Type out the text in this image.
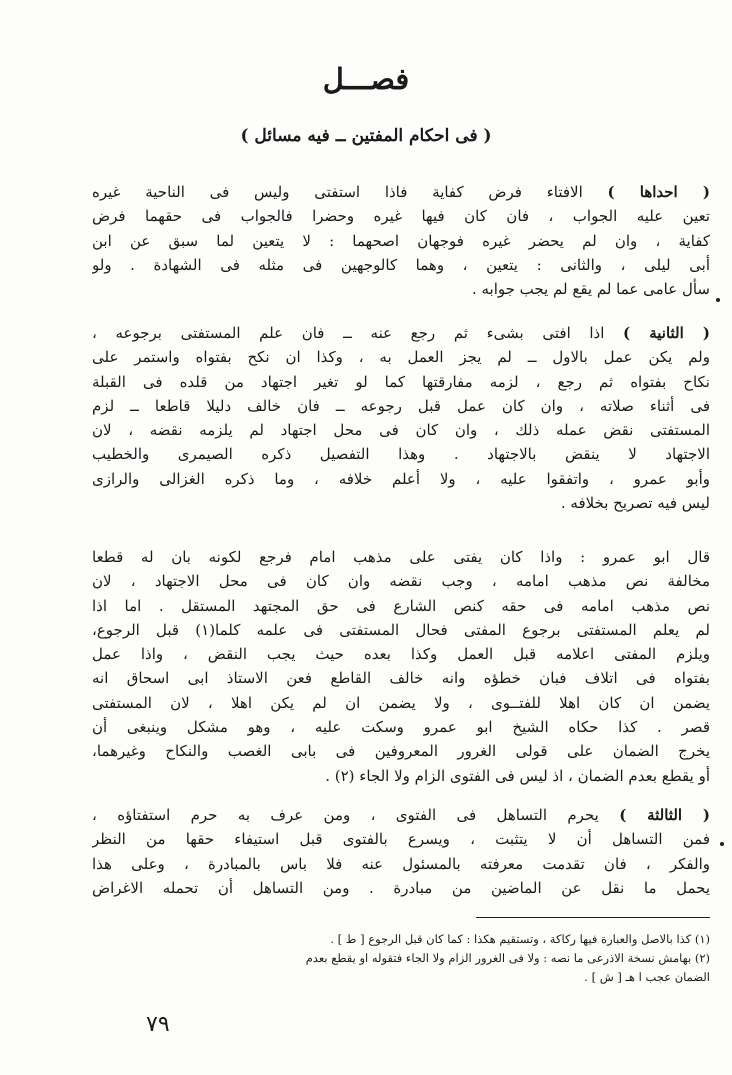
فصـــل
( فى احكام المفتين ــ فيه مسائل )
( احداها ) الافتاء فرض كفاية فاذا استفتى وليس فى الناحية غيره
تعين عليه الجواب ، فان كان فيها غيره وحضرا فالجواب فى حقهما فرض
كفاية ، وان لم يحضر غيره فوجهان اصحهما : لا يتعين لما سبق عن ابن
أبى ليلى ، والثانى : يتعين ، وهما كالوجهين فى مثله فى الشهادة . ولو
سأل عامى عما لم يقع لم يجب جوابه .
( الثانية ) اذا افتى بشىء ثم رجع عنه ــ فان علم المستفتى برجوعه ،
ولم يكن عمل بالاول ــ لم يجز العمل به ، وكذا ان نكح بفتواه واستمر على
نكاح بفتواه ثم رجع ، لزمه مفارقتها كما لو تغير اجتهاد من قلده فى القبلة
فى أثناء صلاته ، وان كان عمل قبل رجوعه ــ فان خالف دليلا قاطعا ــ لزم
المستفتى نقض عمله ذلك ، وان كان فى محل اجتهاد لم يلزمه نقضه ، لان
الاجتهاد لا ينقض بالاجتهاد . وهذا التفصيل ذكره الصيمرى والخطيب
وأبو عمرو ، واتفقوا عليه ، ولا أعلم خلافه ، وما ذكره الغزالى والرازى
ليس فيه تصريح بخلافه .
قال ابو عمرو : واذا كان يفتى على مذهب امام فرجع لكونه بان له قطعا
مخالفة نص مذهب امامه ، وجب نقضه وان كان فى محل الاجتهاد ، لان
نص مذهب امامه فى حقه كنص الشارع فى حق المجتهد المستقل . اما اذا
لم يعلم المستفتى برجوع المفتى فحال المستفتى فى علمه كلما(١) قبل الرجوع،
ويلزم المفتى اعلامه قبل العمل وكذا بعده حيث يجب النقض ، واذا عمل
بفتواه فى اتلاف فبان خطؤه وانه خالف القاطع فعن الاستاذ ابى اسحاق انه
يضمن ان كان اهلا للفتــوى ، ولا يضمن ان لم يكن اهلا ، لان المستفتى
قصر . كذا حكاه الشيخ ابو عمرو وسكت عليه ، وهو مشكل وينبغى أن
يخرج الضمان على قولى الغرور المعروفين فى بابى الغصب والنكاح وغيرهما،
أو يقطع بعدم الضمان ، اذ ليس فى الفتوى الزام ولا الجاء (٢) .
( الثالثة ) يحرم التساهل فى الفتوى ، ومن عرف به حرم استفتاؤه ،
فمن التساهل أن لا يتثبت ، ويسرع بالفتوى قبل استيفاء حقها من النظر
والفكر ، فان تقدمت معرفته بالمسئول عنه فلا باس بالمبادرة ، وعلى هذا
يحمل ما نقل عن الماضين من مبادرة . ومن التساهل أن تحمله الاغراض
(١) كذا بالاصل والعبارة فيها ركاكة ، وتستقيم هكذا : كما كان قبل الرجوع [ ط ] .
(٢) بهامش نسخة الاذرعى ما نصه : ولا فى الغرور الزام ولا الجاء فتقوله او يقطع بعدم
الضمان عجب ا هـ [ ش ] .
٧٩
